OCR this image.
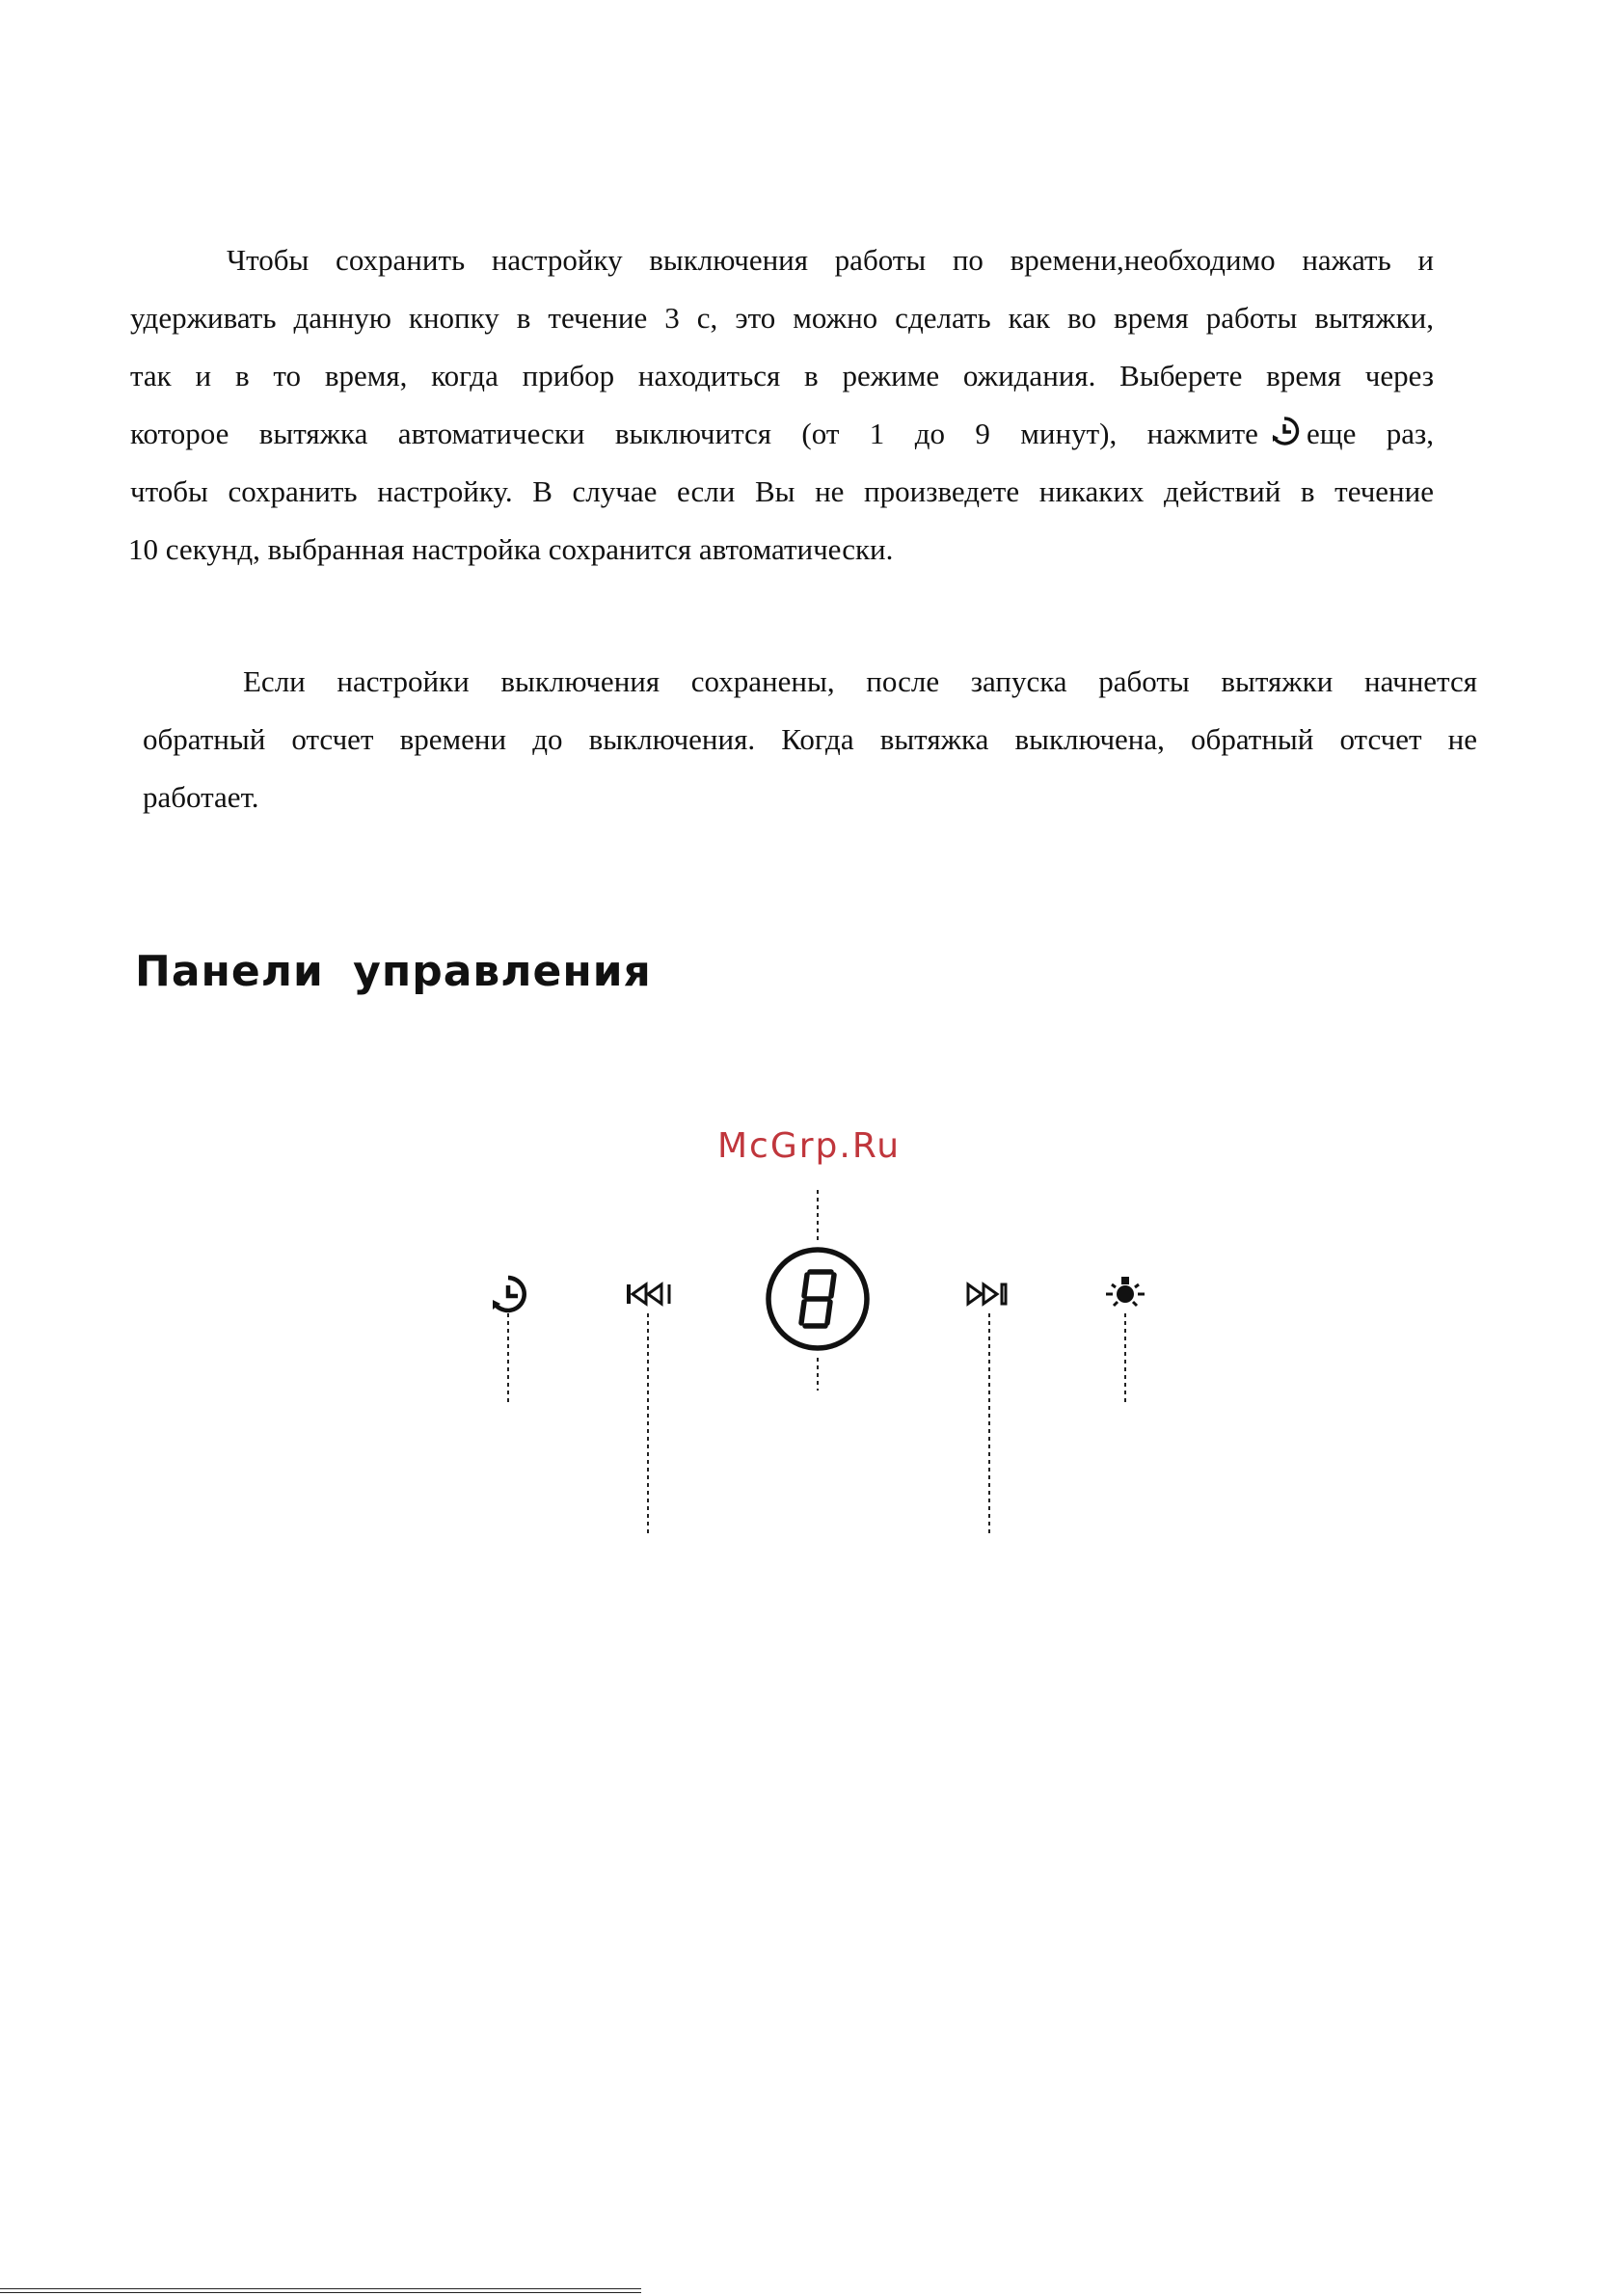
Чтобы сохранить настройку выключения работы по времени,необходимо нажать и
удерживать данную кнопку в течение 3 с, это можно сделать как во время работы вытяжки,
так и в то время, когда прибор находиться в режиме ожидания. Выберете время через
которое вытяжка автоматически выключится (от 1 до 9 минут), нажмите еще раз,
чтобы сохранить настройку. В случае если Вы не произведете никаких действий в течение
10 секунд, выбранная настройка сохранится автоматически.
Если настройки выключения сохранены, после запуска работы вытяжки начнется
обратный отсчет времени до выключения. Когда вытяжка выключена, обратный отсчет не
работает.
Панели управления
McGrp.Ru
